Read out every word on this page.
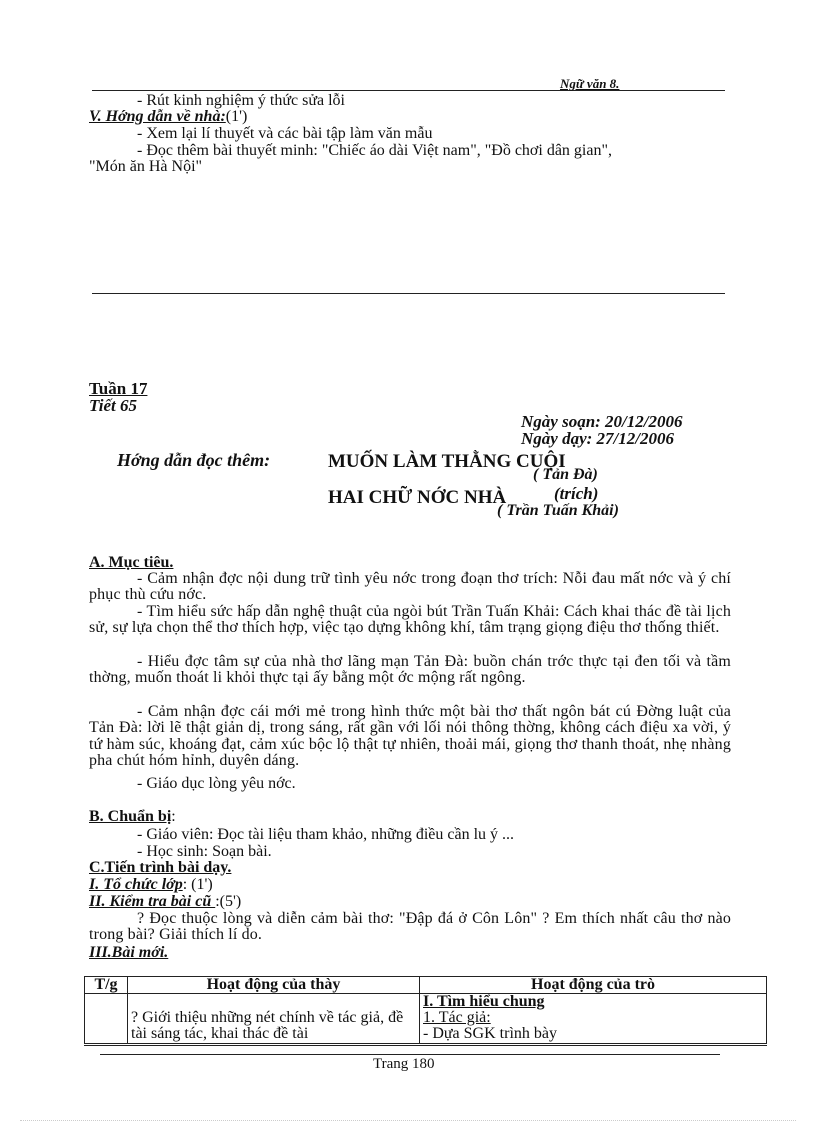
Ngữ văn 8.
- Rút kinh nghiệm ý thức sửa lỗi
V. Hớng dẫn về nhà:(1')
- Xem lại lí thuyết và các bài tập làm văn mẫu
- Đọc thêm bài thuyết minh: "Chiếc áo dài Việt nam", "Đồ chơi dân gian",
"Món ăn Hà Nội"
Tuần 17
Tiết 65
Ngày soạn: 20/12/2006
Ngày dạy: 27/12/2006
Hớng dẫn đọc thêm:	MUỐN LÀM THẰNG CUỘI
( Tản Đà)
HAI CHỮ NỚC NHÀ	(trích)
( Trần Tuấn Khải)
A. Mục tiêu.
- Cảm nhận đợc nội dung trữ tình yêu nớc trong đoạn thơ trích: Nỗi đau mất nớc và ý chí phục thù cứu nớc.
- Tìm hiểu sức hấp dẫn nghệ thuật của ngòi bút Trần Tuấn Khải: Cách khai thác đề tài lịch sử, sự lựa chọn thể thơ thích hợp, việc tạo dựng không khí, tâm trạng giọng điệu thơ thống thiết.
- Hiểu đợc tâm sự của nhà thơ lãng mạn Tản Đà: buồn chán trớc thực tại đen tối và tầm thờng, muốn thoát li khỏi thực tại ấy bằng một ớc mộng rất ngông.
- Cảm nhận đợc cái mới mẻ trong hình thức một bài thơ thất ngôn bát cú Đờng luật của Tản Đà: lời lẽ thật giản dị, trong sáng, rất gần với lối nói thông thờng, không cách điệu xa vời, ý tứ hàm súc, khoáng đạt, cảm xúc bộc lộ thật tự nhiên, thoải mái, giọng thơ thanh thoát, nhẹ nhàng pha chút hóm hỉnh, duyên dáng.
- Giáo dục lòng yêu nớc.
B. Chuẩn bị:
- Giáo viên: Đọc tài liệu tham khảo, những điều cần lu ý ...
- Học sinh: Soạn bài.
C.Tiến trình bài dạy.
I. Tổ chức lớp: (1')
II. Kiểm tra bài cũ :(5')
? Đọc thuộc lòng và diễn cảm bài thơ: "Đập đá ở Côn Lôn" ? Em thích nhất câu thơ nào trong bài? Giải thích lí do.
III.Bài mới.
T/g	Hoạt động của thày	Hoạt động của trò
	? Giới thiệu những nét chính về tác giả, đề tài sáng tác, khai thác đề tài	I. Tìm hiểu chung
1. Tác giả:
- Dựa SGK trình bày
Trang 180
